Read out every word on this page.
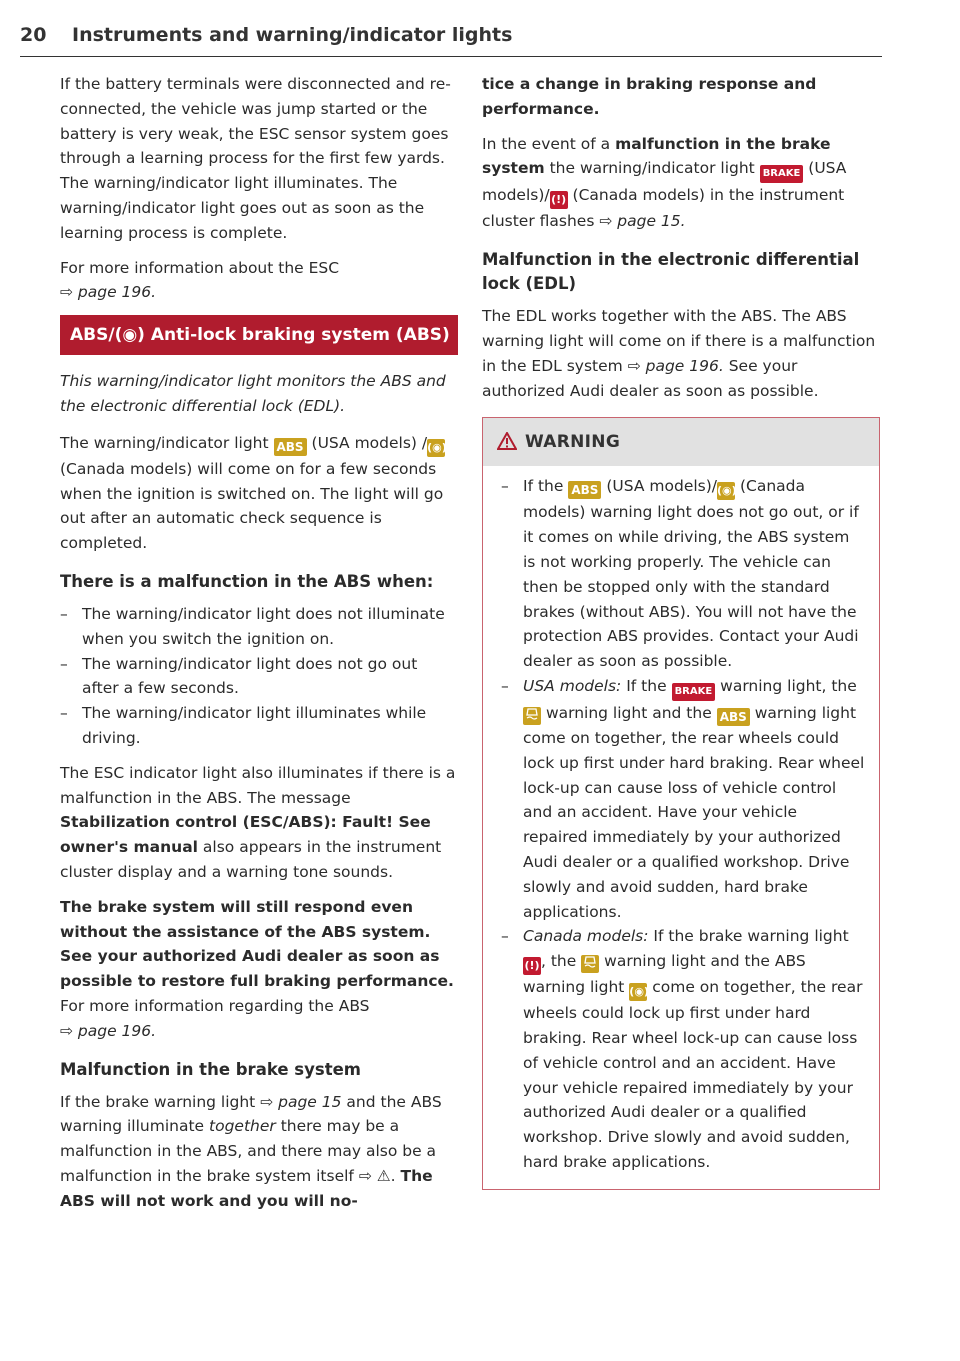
20 Instruments and warning/indicator lights

If the battery terminals were disconnected and re-connected, the vehicle was jump started or the battery is very weak, the ESC sensor system goes through a learning process for the first few yards. The warning/indicator light illuminates. The warning/indicator light goes out as soon as the learning process is complete.

For more information about the ESC
⇨ page 196.

ABS/(◉) Anti-lock braking system (ABS)

This warning/indicator light monitors the ABS and the electronic differential lock (EDL).

The warning/indicator light ABS (USA models) /(◉) (Canada models) will come on for a few seconds when the ignition is switched on. The light will go out after an automatic check sequence is completed.

There is a malfunction in the ABS when:
– The warning/indicator light does not illuminate when you switch the ignition on.
– The warning/indicator light does not go out after a few seconds.
– The warning/indicator light illuminates while driving.

The ESC indicator light also illuminates if there is a malfunction in the ABS. The message Stabilization control (ESC/ABS): Fault! See owner's manual also appears in the instrument cluster display and a warning tone sounds.

The brake system will still respond even without the assistance of the ABS system. See your authorized Audi dealer as soon as possible to restore full braking performance. For more information regarding the ABS
⇨ page 196.

Malfunction in the brake system

If the brake warning light ⇨ page 15 and the ABS warning illuminate together there may be a malfunction in the ABS, and there may also be a malfunction in the brake system itself ⇨ ⚠. The ABS will not work and you will no-

tice a change in braking response and performance.

In the event of a malfunction in the brake system the warning/indicator light BRAKE (USA models)/(!) (Canada models) in the instrument cluster flashes ⇨ page 15.

Malfunction in the electronic differential lock (EDL)

The EDL works together with the ABS. The ABS warning light will come on if there is a malfunction in the EDL system ⇨ page 196. See your authorized Audi dealer as soon as possible.

WARNING
– If the ABS (USA models)/(◉) (Canada models) warning light does not go out, or if it comes on while driving, the ABS system is not working properly. The vehicle can then be stopped only with the standard brakes (without ABS). You will not have the protection ABS provides. Contact your Audi dealer as soon as possible.
– USA models: If the BRAKE warning light, the  warning light and the ABS warning light come on together, the rear wheels could lock up first under hard braking. Rear wheel lock-up can cause loss of vehicle control and an accident. Have your vehicle repaired immediately by your authorized Audi dealer or a qualified workshop. Drive slowly and avoid sudden, hard brake applications.
– Canada models: If the brake warning light (!), the warning light and the ABS warning light (◉) come on together, the rear wheels could lock up first under hard braking. Rear wheel lock-up can cause loss of vehicle control and an accident. Have your vehicle repaired immediately by your authorized Audi dealer or a qualified workshop. Drive slowly and avoid sudden, hard brake applications.
